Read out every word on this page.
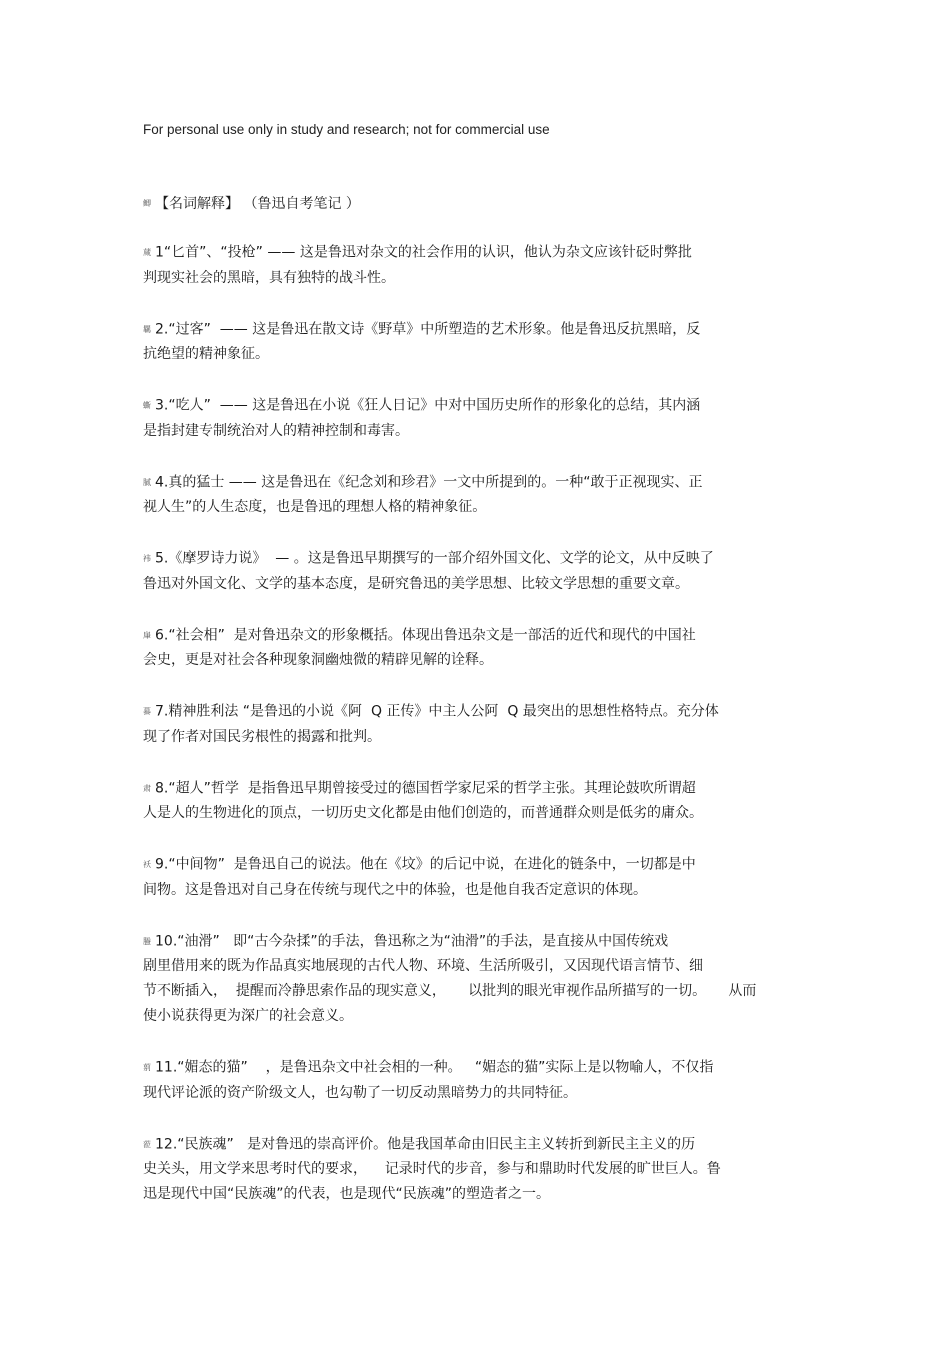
For personal use only in study and research; not for commercial use
鲫 【名词解释】 （鲁迅自考笔记 ）
蒇 1“匕首”、“投枪” —— 这是鲁迅对杂文的社会作用的认识，他认为杂文应该针砭时弊批
判现实社会的黑暗，具有独特的战斗性。
羈 2.“过客”  —— 这是鲁迅在散文诗《野草》中所塑造的艺术形象。他是鲁迅反抗黑暗，反
抗绝望的精神象征。
蟖 3.“吃人”  —— 这是鲁迅在小说《狂人日记》中对中国历史所作的形象化的总结，其内涵
是指封建专制统治对人的精神控制和毒害。
膩 4.真的猛士 —— 这是鲁迅在《纪念刘和珍君》一文中所提到的。一种“敢于正视现实、正
视人生”的人生态度，也是鲁迅的理想人格的精神象征。
袆 5.《摩罗诗力说》  — 。这是鲁迅早期撰写的一部介绍外国文化、文学的论文，从中反映了
鲁迅对外国文化、文学的基本态度，是研究鲁迅的美学思想、比较文学思想的重要文章。
肁 6.“社会相”  是对鲁迅杂文的形象概括。体现出鲁迅杂文是一部活的近代和现代的中国社
会史，更是对社会各种现象洞幽烛微的精辟见解的诠释。
蟇 7.精神胜利法 “是鲁迅的小说《阿  Q 正传》中主人公阿  Q 最突出的思想性格特点。充分体
现了作者对国民劣根性的揭露和批判。
肃 8.“超人”哲学  是指鲁迅早期曾接受过的德国哲学家尼采的哲学主张。其理论鼓吹所谓超
人是人的生物进化的顶点，一切历史文化都是由他们创造的，而普通群众则是低劣的庸众。
袄 9.“中间物”  是鲁迅自己的说法。他在《坟》的后记中说，在进化的链条中，一切都是中
间物。这是鲁迅对自己身在传统与现代之中的体验，也是他自我否定意识的体现。
螣 10.“油滑”   即“古今杂揉”的手法，鲁迅称之为“油滑”的手法，是直接从中国传统戏
剧里借用来的既为作品真实地展现的古代人物、环境、生活所吸引，又因现代语言情节、细
节不断插入，  提醒而冷静思索作品的现实意义，     以批判的眼光审视作品所描写的一切。     从而
使小说获得更为深广的社会意义。
莂 11.“媚态的猫”    ，是鲁迅杂文中社会相的一种。   “媚态的猫”实际上是以物喻人，不仅指
现代评论派的资产阶级文人，也勾勒了一切反动黑暗势力的共同特征。
蒞 12.“民族魂”   是对鲁迅的崇高评价。他是我国革命由旧民主主义转折到新民主主义的历
史关头，用文学来思考时代的要求，    记录时代的步音，参与和鼎助时代发展的旷世巨人。鲁
迅是现代中国“民族魂”的代表，也是现代“民族魂”的塑造者之一。
